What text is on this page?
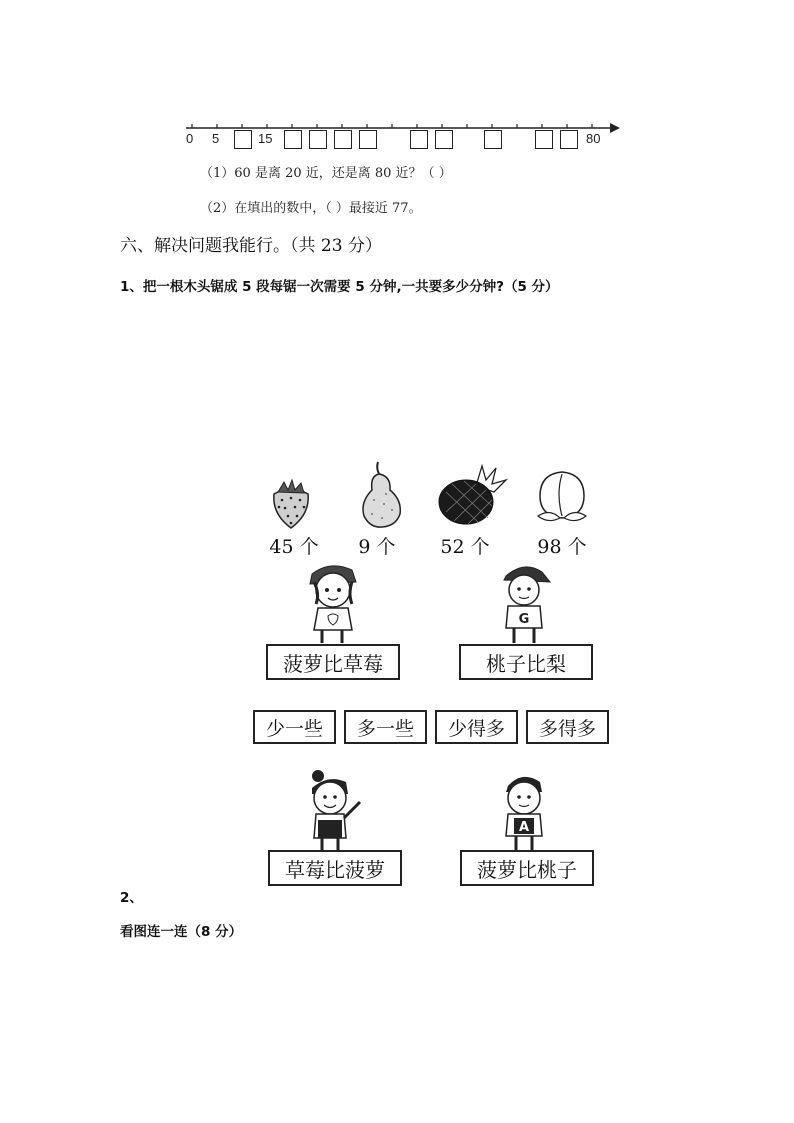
0 5	15	80
（1）60 是离 20 近，还是离 80 近？（ ）
（2）在填出的数中，（ ）最接近 77。
六、解决问题我能行。（共 23 分）
1、把一根木头锯成 5 段每锯一次需要 5 分钟,一共要多少分钟?（5 分）
45 个	9 个	52 个	98 个
G
菠萝比草莓	桃子比梨
少一些	多一些	少得多	多得多
A
草莓比菠萝	菠萝比桃子
2、
看图连一连（8 分）
